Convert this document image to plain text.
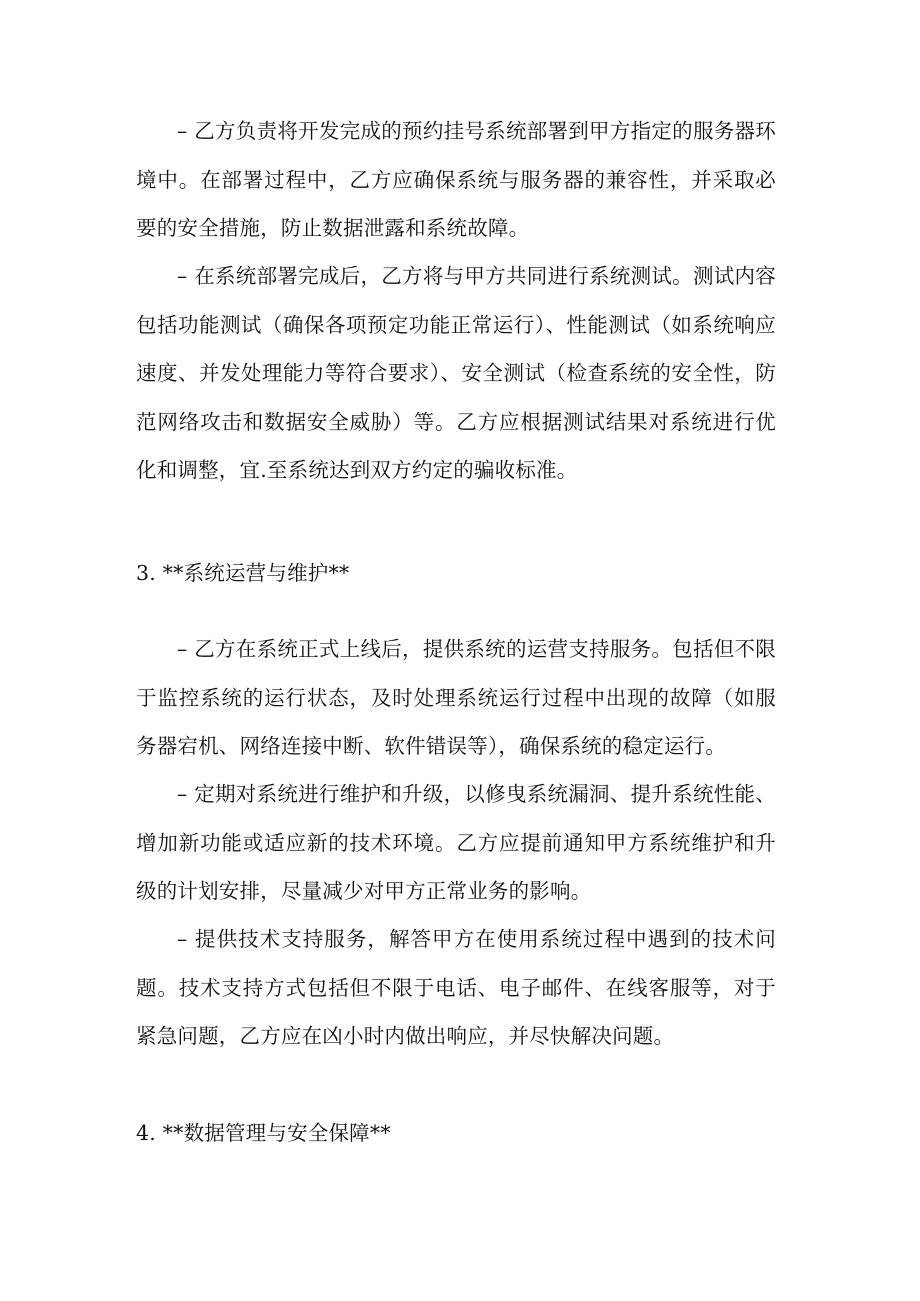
– 乙方负责将开发完成的预约挂号系统部署到甲方指定的服务器环境中。在部署过程中，乙方应确保系统与服务器的兼容性，并采取必要的安全措施，防止数据泄露和系统故障。

– 在系统部署完成后，乙方将与甲方共同进行系统测试。测试内容包括功能测试（确保各项预定功能正常运行）、性能测试（如系统响应速度、并发处理能力等符合要求）、安全测试（检查系统的安全性，防范网络攻击和数据安全威胁）等。乙方应根据测试结果对系统进行优化和调整，宜.至系统达到双方约定的骗收标准。

3. **系统运营与维护**

– 乙方在系统正式上线后，提供系统的运营支持服务。包括但不限于监控系统的运行状态，及时处理系统运行过程中出现的故障（如服务器宕机、网络连接中断、软件错误等），确保系统的稳定运行。

– 定期对系统进行维护和升级，以修曳系统漏洞、提升系统性能、增加新功能或适应新的技术环境。乙方应提前通知甲方系统维护和升级的计划安排，尽量减少对甲方正常业务的影响。

– 提供技术支持服务，解答甲方在使用系统过程中遇到的技术问题。技术支持方式包括但不限于电话、电子邮件、在线客服等，对于紧急问题，乙方应在凶小时内做出响应，并尽快解决问题。

4. **数据管理与安全保障**
